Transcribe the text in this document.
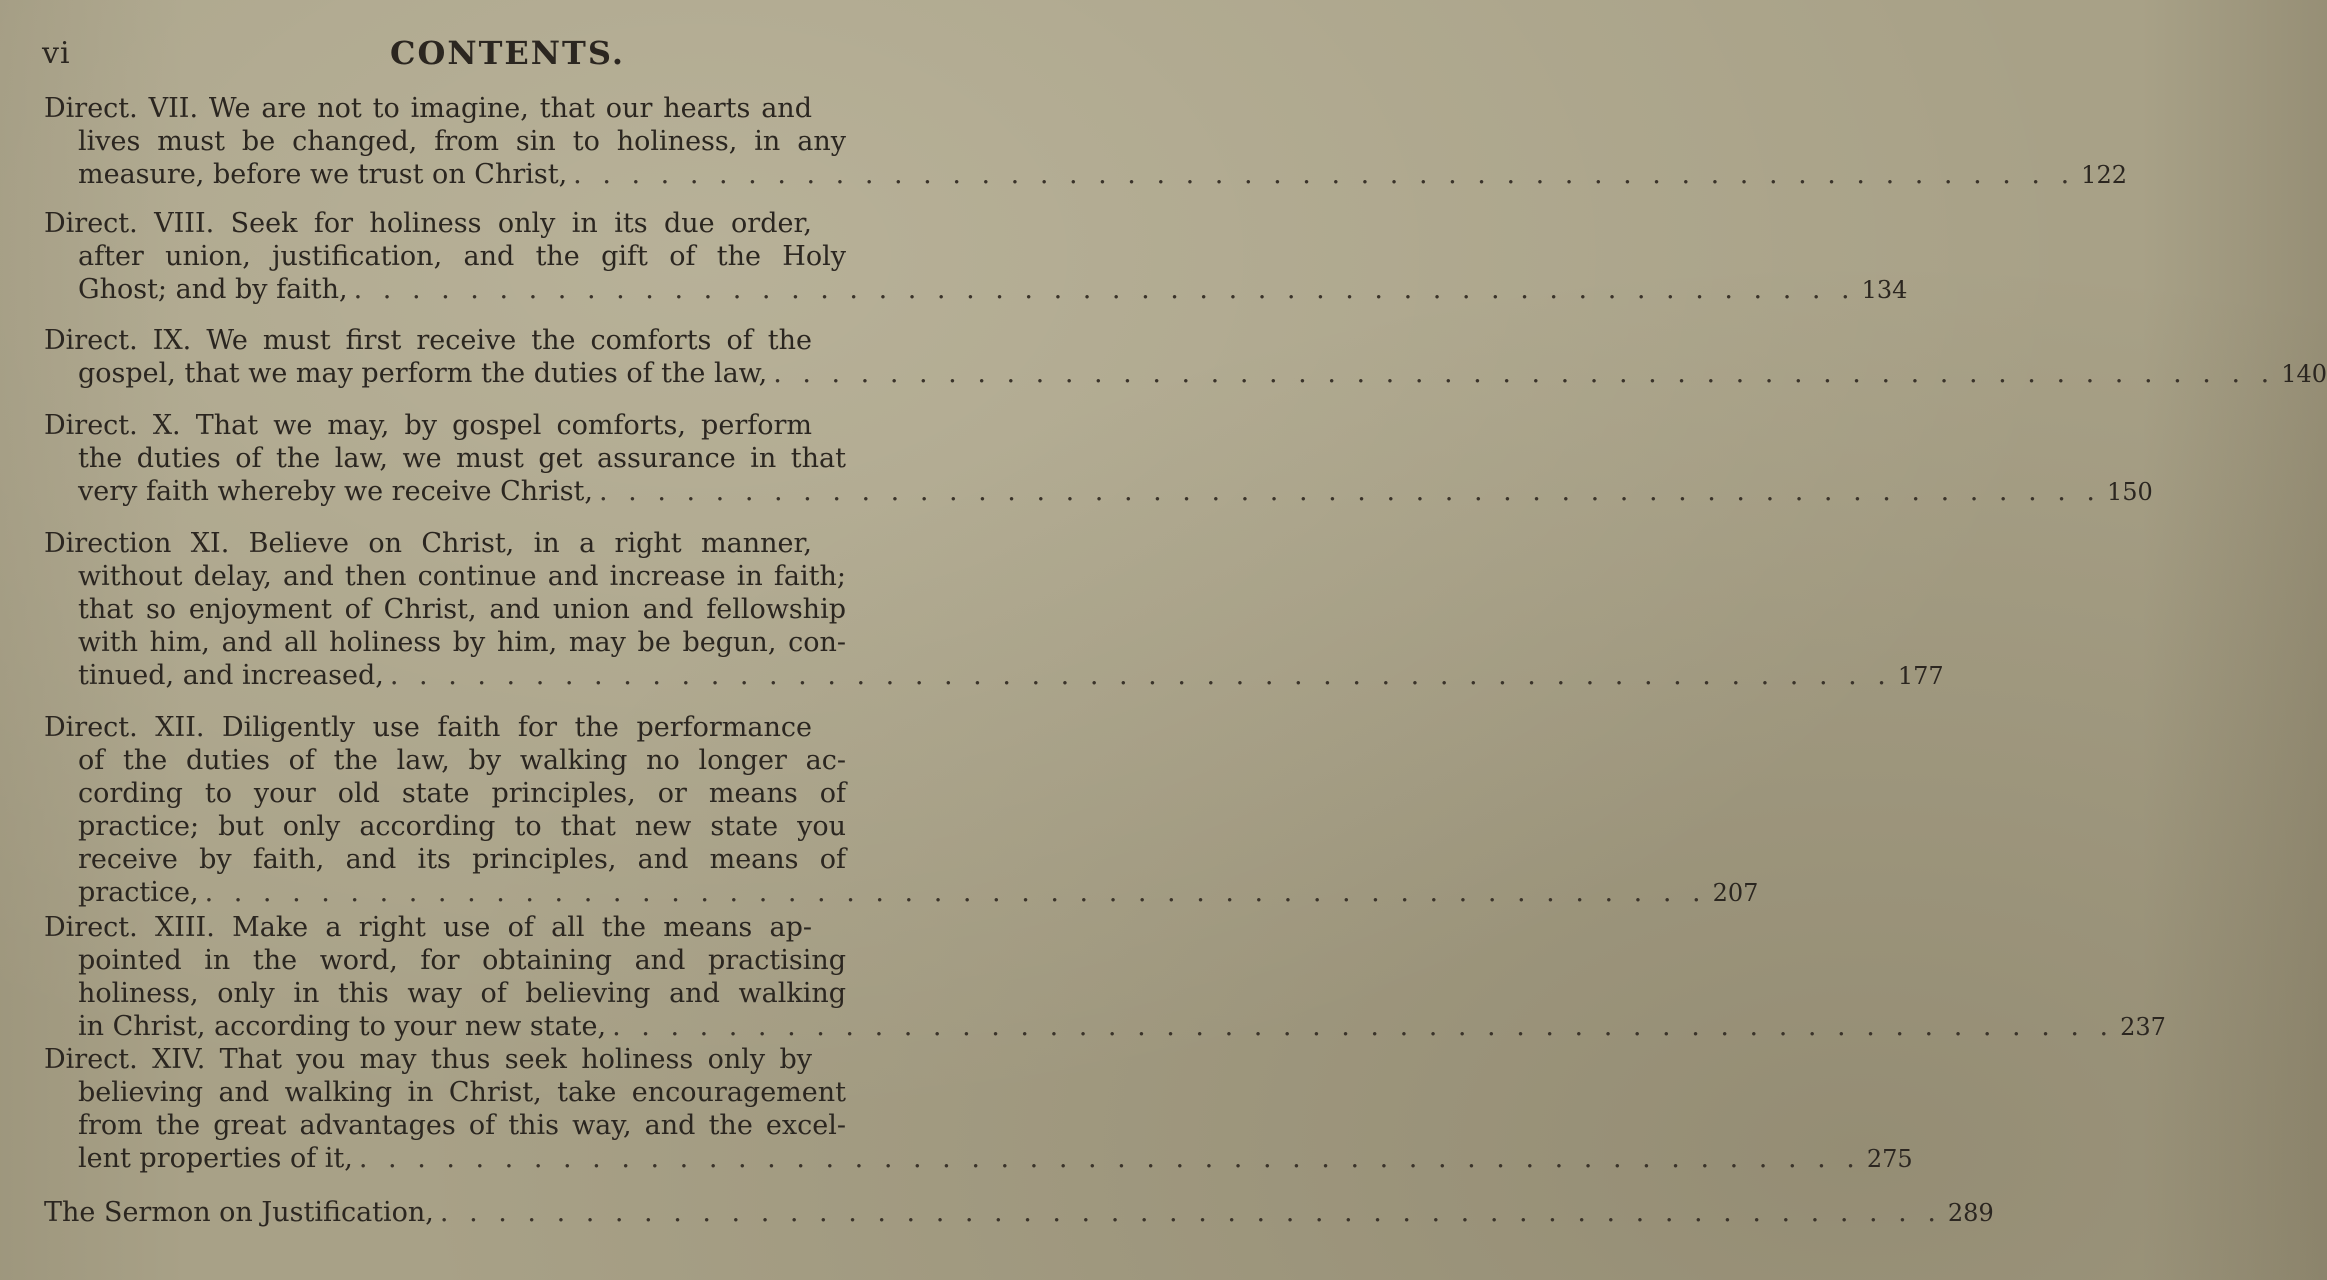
vi	CONTENTS.
Direct. VII. We are not to imagine, that our hearts and
lives must be changed, from sin to holiness, in any
measure, before we trust on Christ, . . .	122
Direct. VIII. Seek for holiness only in its due order,
after union, justification, and the gift of the Holy
Ghost; and by faith, . . .	134
Direct. IX. We must first receive the comforts of the
gospel, that we may perform the duties of the law, . . .	140
Direct. X. That we may, by gospel comforts, perform
the duties of the law, we must get assurance in that
very faith whereby we receive Christ, . . .	150
Direction XI. Believe on Christ, in a right manner,
without delay, and then continue and increase in faith;
that so enjoyment of Christ, and union and fellowship
with him, and all holiness by him, may be begun, con-
tinued, and increased, . . .	177
Direct. XII. Diligently use faith for the performance
of the duties of the law, by walking no longer ac-
cording to your old state principles, or means of
practice; but only according to that new state you
receive by faith, and its principles, and means of
practice, . . .	207
Direct. XIII. Make a right use of all the means ap-
pointed in the word, for obtaining and practising
holiness, only in this way of believing and walking
in Christ, according to your new state, . . .	237
Direct. XIV. That you may thus seek holiness only by
believing and walking in Christ, take encouragement
from the great advantages of this way, and the excel-
lent properties of it, . . .	275
The Sermon on Justification, . . .	289
